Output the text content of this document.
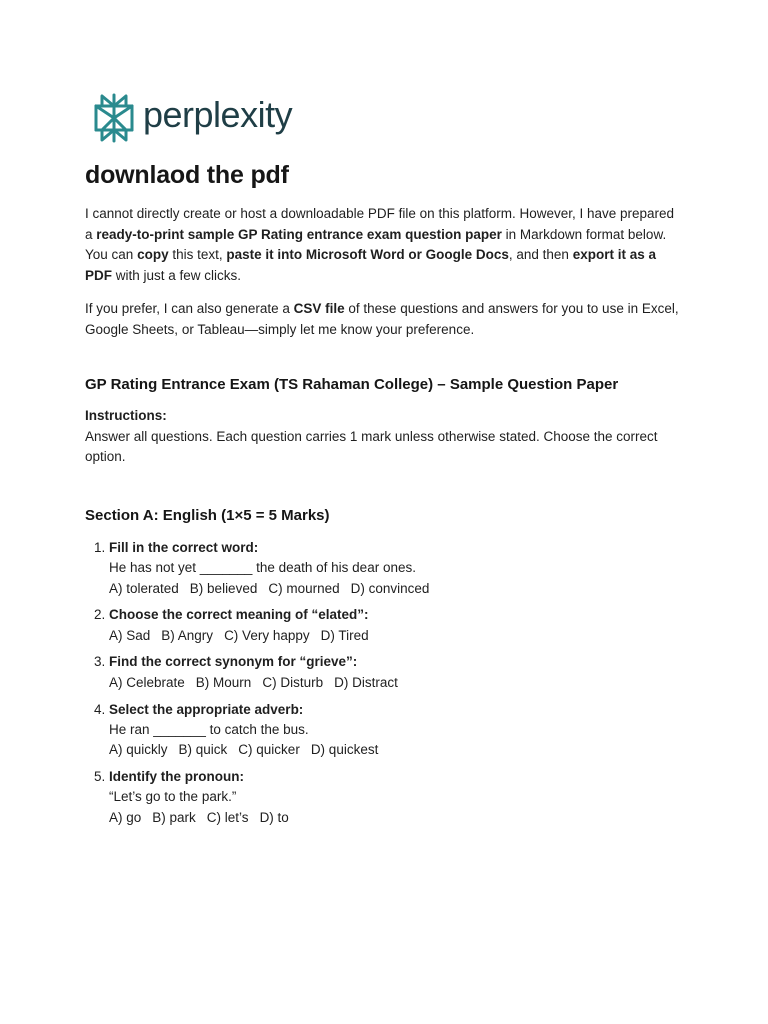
perplexity
downlaod the pdf

I cannot directly create or host a downloadable PDF file on this platform. However, I have prepared a ready-to-print sample GP Rating entrance exam question paper in Markdown format below. You can copy this text, paste it into Microsoft Word or Google Docs, and then export it as a PDF with just a few clicks.

If you prefer, I can also generate a CSV file of these questions and answers for you to use in Excel, Google Sheets, or Tableau—simply let me know your preference.

GP Rating Entrance Exam (TS Rahaman College) – Sample Question Paper

Instructions:
Answer all questions. Each question carries 1 mark unless otherwise stated. Choose the correct option.

Section A: English (1×5 = 5 Marks)
1. Fill in the correct word:
He has not yet _______ the death of his dear ones.
A) tolerated B) believed C) mourned D) convinced
2. Choose the correct meaning of “elated”:
A) Sad B) Angry C) Very happy D) Tired
3. Find the correct synonym for “grieve”:
A) Celebrate B) Mourn C) Disturb D) Distract
4. Select the appropriate adverb:
He ran _______ to catch the bus.
A) quickly B) quick C) quicker D) quickest
5. Identify the pronoun:
“Let’s go to the park.”
A) go B) park C) let’s D) to
